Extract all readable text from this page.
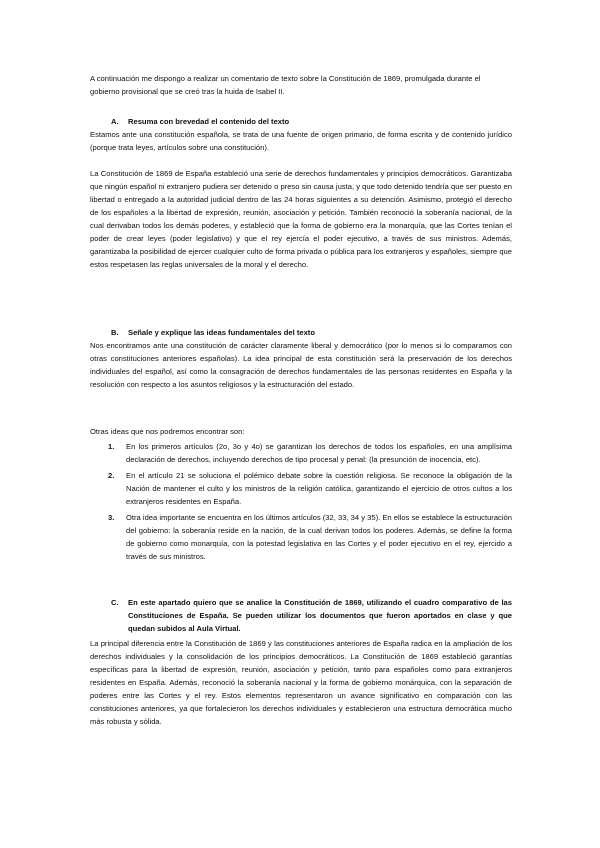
A continuación me dispongo a realizar un comentario de texto sobre la Constitución de 1869, promulgada durante el gobierno provisional que se creó tras la huida de Isabel II.
A. Resuma con brevedad el contenido del texto

Estamos ante una constitución española, se trata de una fuente de origen primario, de forma escrita y de contenido jurídico (porque trata leyes, artículos sobre una constitución).

La Constitución de 1869 de España estableció una serie de derechos fundamentales y principios democráticos. Garantizaba que ningún español ni extranjero pudiera ser detenido o preso sin causa justa, y que todo detenido tendría que ser puesto en libertad o entregado a la autoridad judicial dentro de las 24 horas siguientes a su detención. Asimismo, protegió el derecho de los españoles a la libertad de expresión, reunión, asociación y petición. También reconoció la soberanía nacional, de la cual derivaban todos los demás poderes, y estableció que la forma de gobierno era la monarquía, que las Cortes tenían el poder de crear leyes (poder legislativo) y que el rey ejercía el poder ejecutivo, a través de sus ministros. Además, garantizaba la posibilidad de ejercer cualquier culto de forma privada o pública para los extranjeros y españoles, siempre que estos respetasen las reglas universales de la moral y el derecho.

B. Señale y explique las ideas fundamentales del texto

Nos encontramos ante una constitución de carácter claramente liberal y democrático (por lo menos si lo comparamos con otras constituciones anteriores españolas). La idea principal de esta constitución será la preservación de los derechos individuales del español, así como la consagración de derechos fundamentales de las personas residentes en España y la resolución con respecto a los asuntos religiosos y la estructuración del estado.

Otras ideas que nos podremos encontrar son:
1. En los primeros artículos (2o, 3o y 4o) se garantizan los derechos de todos los españoles, en una amplísima declaración de derechos, incluyendo derechos de tipo procesal y penal: (la presunción de inocencia, etc).
2. En el artículo 21 se soluciona el polémico debate sobre la cuestión religiosa. Se reconoce la obligación de la Nación de mantener el culto y los ministros de la religión católica, garantizando el ejercicio de otros cultos a los extranjeros residentes en España.
3. Otra idea importante se encuentra en los últimos artículos (32, 33, 34 y 35). En ellos se establece la estructuración del gobierno: la soberanía reside en la nación, de la cual derivan todos los poderes. Además, se define la forma de gobierno como monarquía, con la potestad legislativa en las Cortes y el poder ejecutivo en el rey, ejercido a través de sus ministros.
C.	En este apartado quiero que se analice la Constitución de 1869, utilizando el cuadro comparativo de las Constituciones de España. Se pueden utilizar los documentos que fueron aportados en clase y que quedan subidos al Aula Virtual.

La principal diferencia entre la Constitución de 1869 y las constituciones anteriores de España radica en la ampliación de los derechos individuales y la consolidación de los principios democráticos. La Constitución de 1869 estableció garantías específicas para la libertad de expresión, reunión, asociación y petición, tanto para españoles como para extranjeros residentes en España. Además, reconoció la soberanía nacional y la forma de gobierno monárquica, con la separación de poderes entre las Cortes y el rey. Estos elementos representaron un avance significativo en comparación con las constituciones anteriores, ya que fortalecieron los derechos individuales y establecieron una estructura democrática mucho más robusta y sólida.
